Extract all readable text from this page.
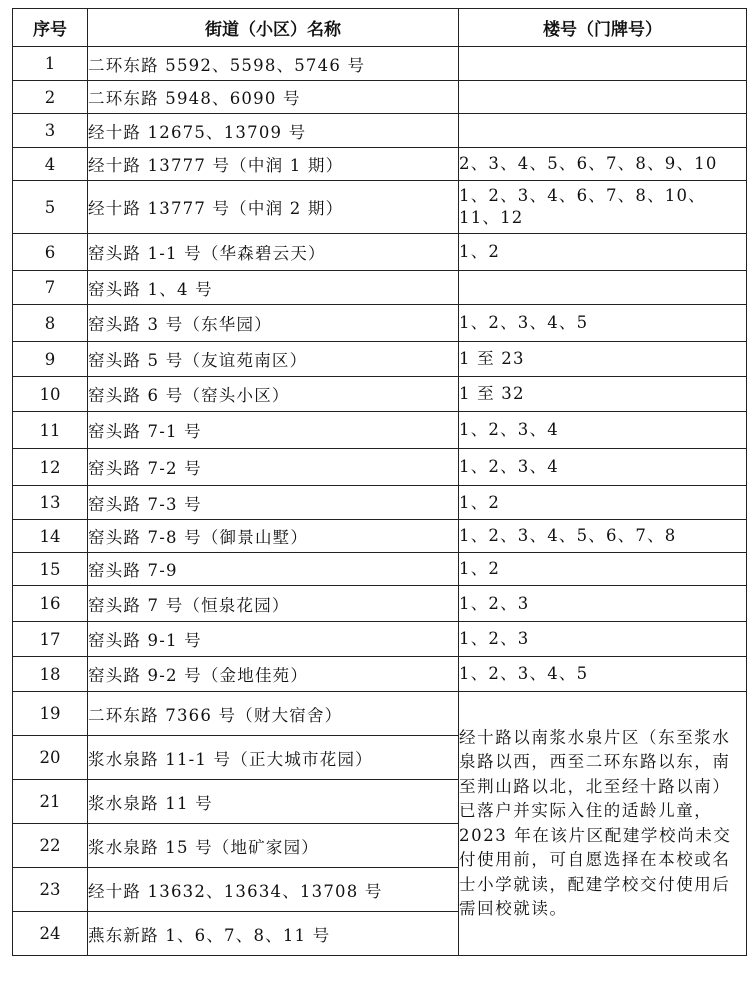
序号	街道（小区）名称	楼号（门牌号）
1	二环东路 5592、5598、5746 号	
2	二环东路 5948、6090 号	
3	经十路 12675、13709 号	
4	经十路 13777 号（中润 1 期）	2、3、4、5、6、7、8、9、10
5	经十路 13777 号（中润 2 期）	1、2、3、4、6、7、8、10、11、12
6	窑头路 1-1 号（华森碧云天）	1、2
7	窑头路 1、4 号	
8	窑头路 3 号（东华园）	1、2、3、4、5
9	窑头路 5 号（友谊苑南区）	1 至 23
10	窑头路 6 号（窑头小区）	1 至 32
11	窑头路 7-1 号	1、2、3、4
12	窑头路 7-2 号	1、2、3、4
13	窑头路 7-3 号	1、2
14	窑头路 7-8 号（御景山墅）	1、2、3、4、5、6、7、8
15	窑头路 7-9	1、2
16	窑头路 7 号（恒泉花园）	1、2、3
17	窑头路 9-1 号	1、2、3
18	窑头路 9-2 号（金地佳苑）	1、2、3、4、5
19	二环东路 7366 号（财大宿舍）	经十路以南浆水泉片区（东至浆水泉路以西，西至二环东路以东，南至荆山路以北，北至经十路以南）已落户并实际入住的适龄儿童，2023 年在该片区配建学校尚未交付使用前，可自愿选择在本校或名士小学就读，配建学校交付使用后需回校就读。
20	浆水泉路 11-1 号（正大城市花园）	
21	浆水泉路 11 号	
22	浆水泉路 15 号（地矿家园）	
23	经十路 13632、13634、13708 号	
24	燕东新路 1、6、7、8、11 号	
